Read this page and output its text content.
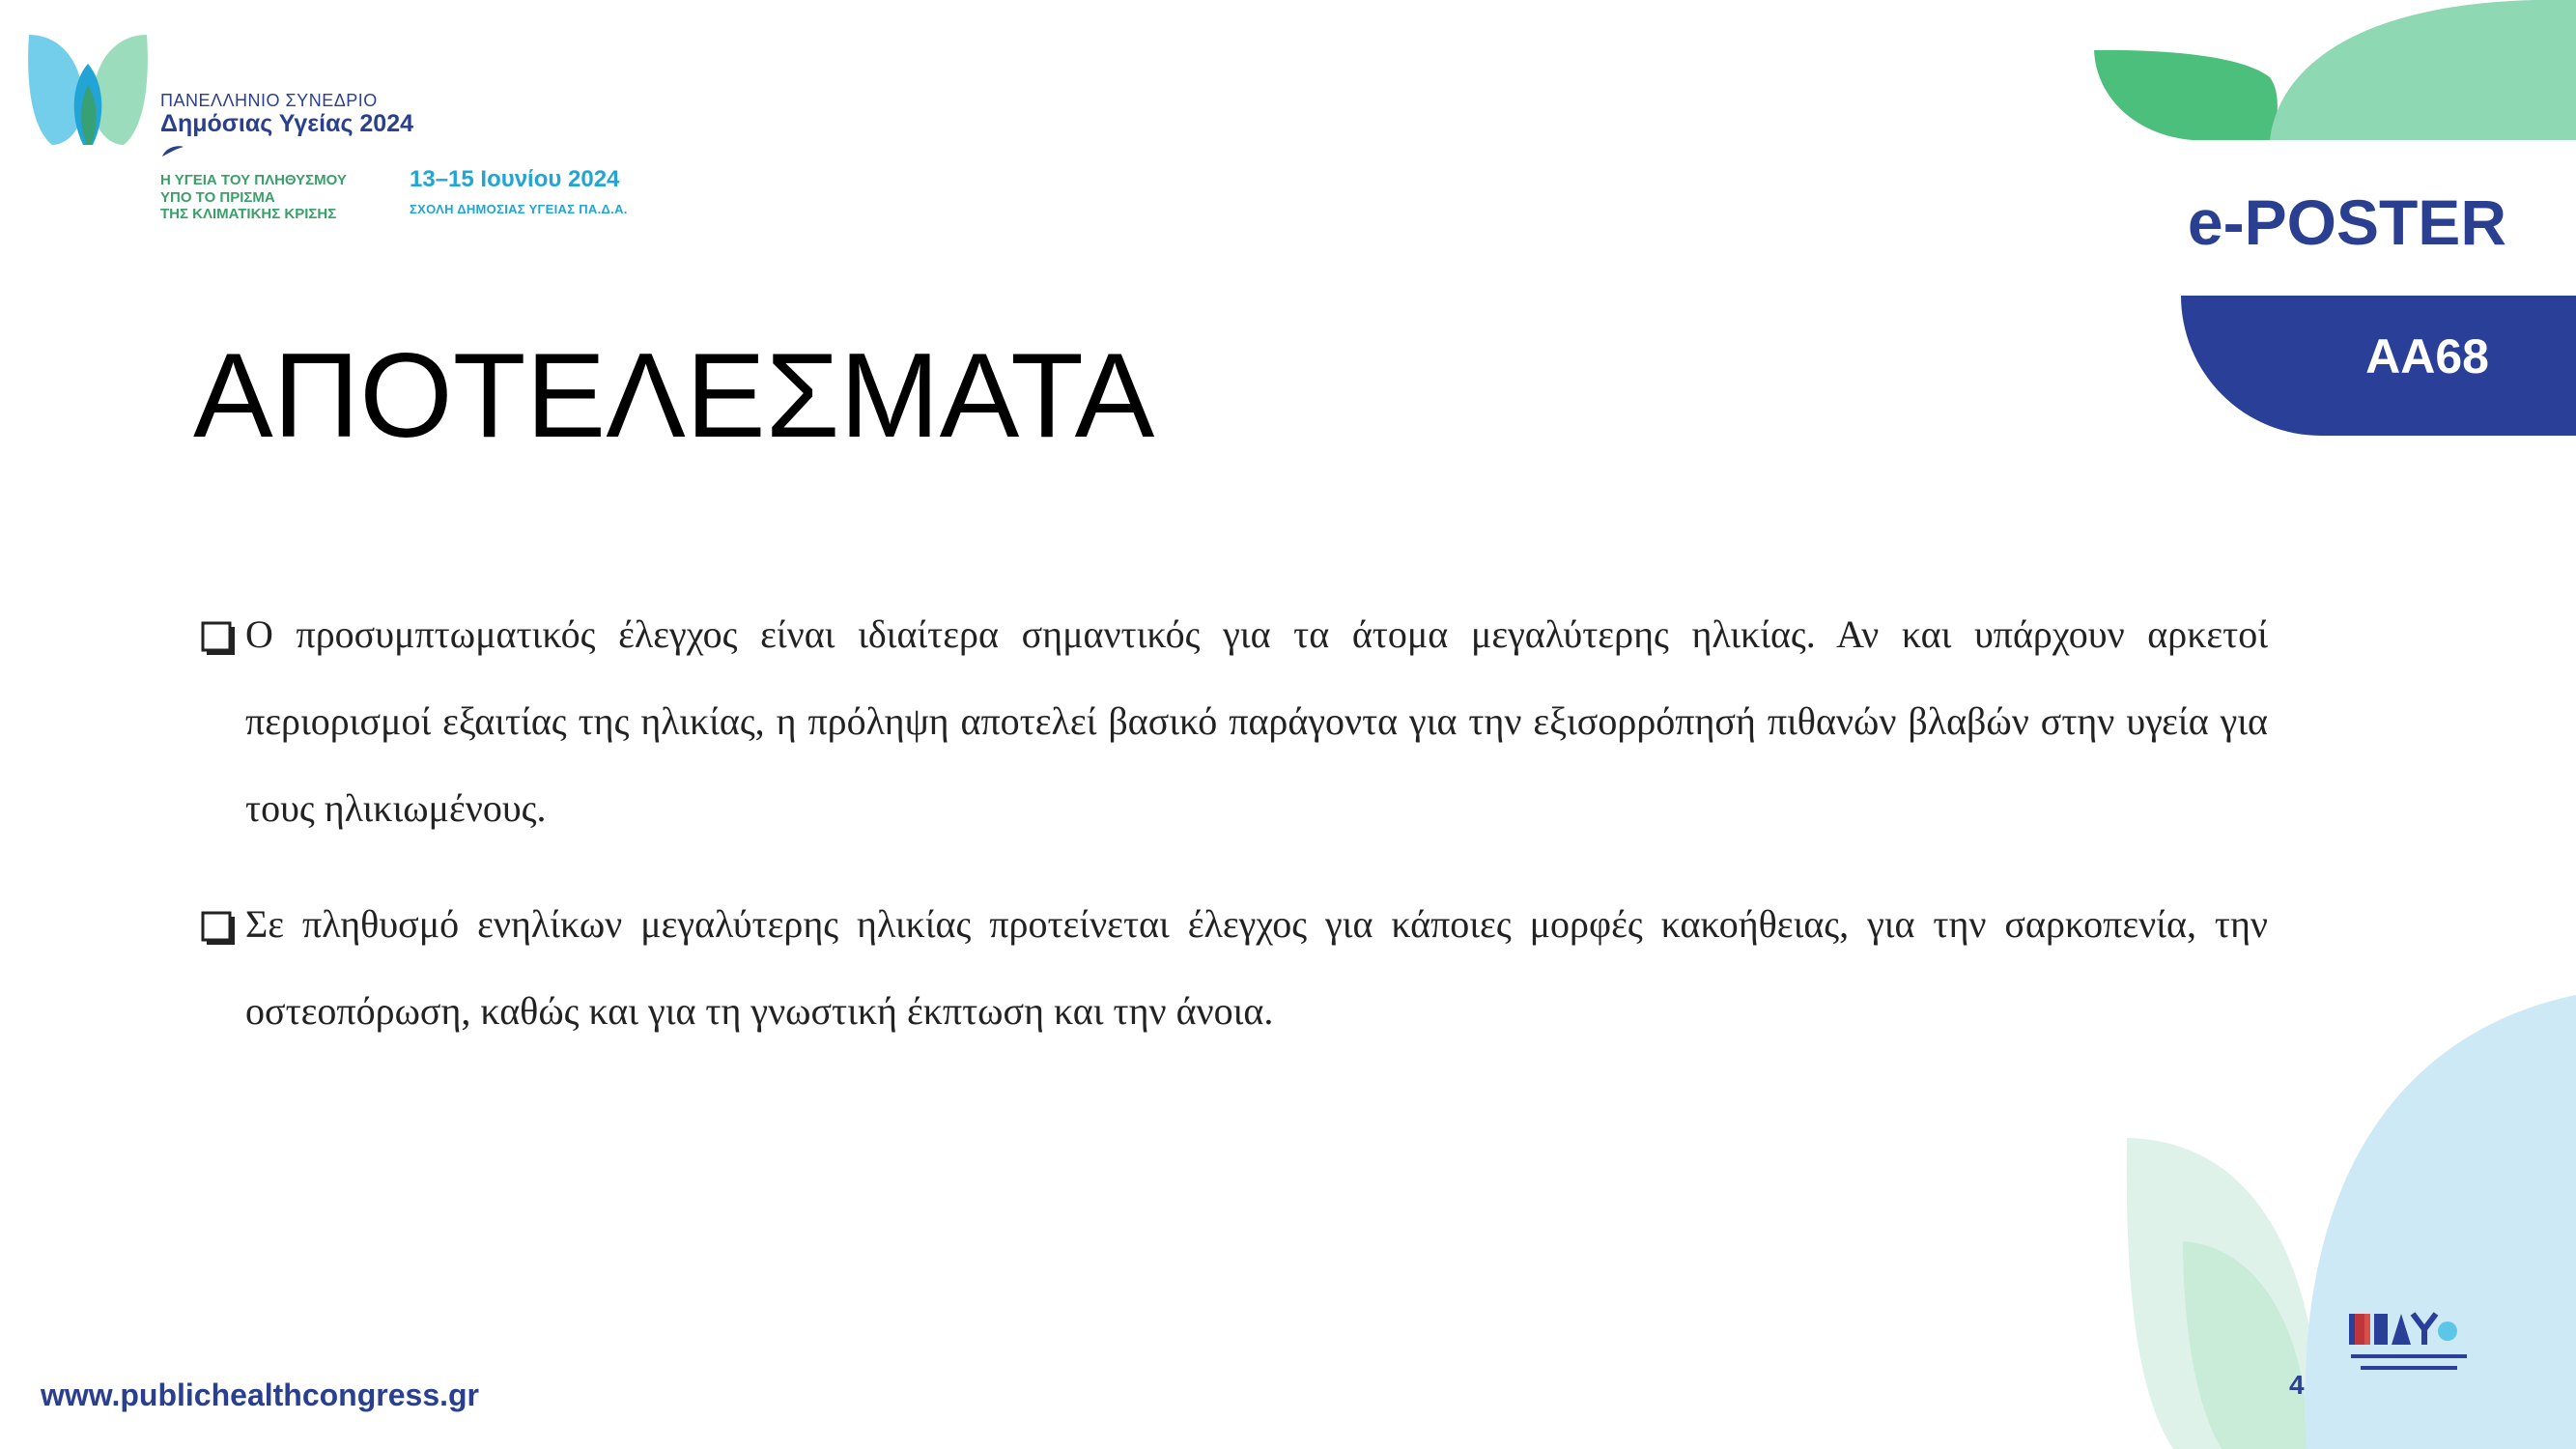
ΠΑΝΕΛΛΗΝΙΟ ΣΥΝΕΔΡΙΟ
Δημόσιας Υγείας 2024
Η ΥΓΕΙΑ ΤΟΥ ΠΛΗΘΥΣΜΟΥ
ΥΠΟ ΤΟ ΠΡΙΣΜΑ
ΤΗΣ ΚΛΙΜΑΤΙΚΗΣ ΚΡΙΣΗΣ
13–15 Ιουνίου 2024
ΣΧΟΛΗ ΔΗΜΟΣΙΑΣ ΥΓΕΙΑΣ ΠΑ.Δ.Α.	e-POSTER
ΑΑ68
ΑΠΟΤΕΛΕΣΜΑΤΑ
Ο προσυμπτωματικός έλεγχος είναι ιδιαίτερα σημαντικός για τα άτομα μεγαλύτερης ηλικίας. Αν και υπάρχουν αρκετοί περιορισμοί εξαιτίας της ηλικίας, η πρόληψη αποτελεί βασικό παράγοντα για την εξισορρόπησή πιθανών βλαβών στην υγεία για τους ηλικιωμένους.
Σε πληθυσμό ενηλίκων μεγαλύτερης ηλικίας προτείνεται έλεγχος για κάποιες μορφές κακοήθειας, για την σαρκοπενία, την οστεοπόρωση, καθώς και για τη γνωστική έκπτωση και την άνοια.
4
www.publichealthcongress.gr
